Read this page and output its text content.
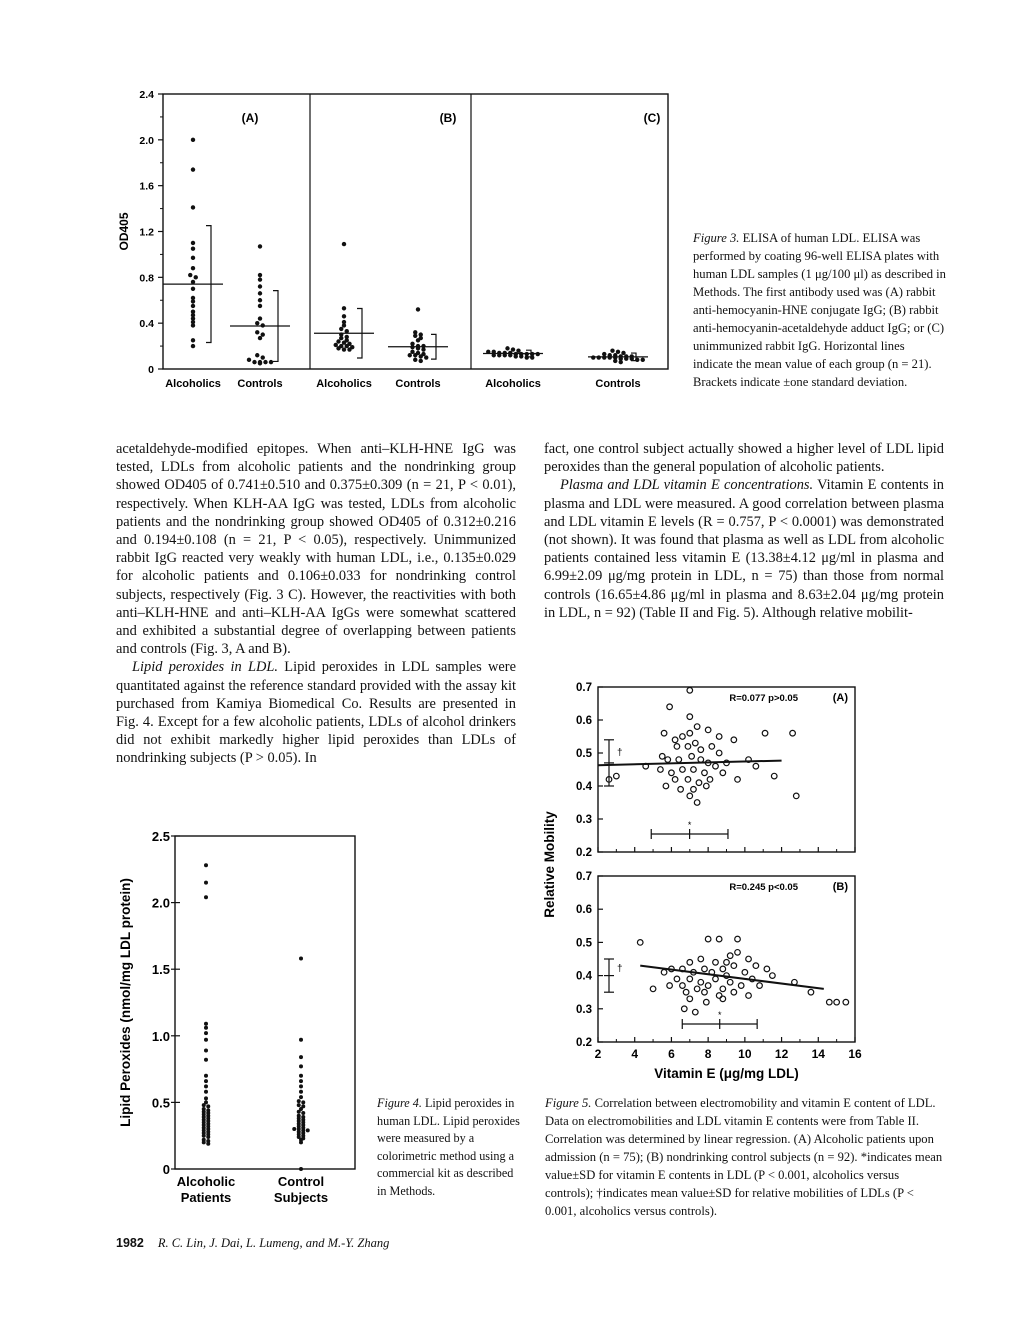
0
0.4
0.8
1.2
1.6
2.0
2.4
OD405
(A)
Alcoholics Controls
(B)
Alcoholics Controls
(C)
Alcoholics	Controls
Figure 3. ELISA of human LDL. ELISA was performed by coating 96-well ELISA plates with human LDL samples (1 μg/100 μl) as described in Methods. The first antibody used was (A) rabbit anti-hemocyanin-HNE conjugate IgG; (B) rabbit anti-hemocyanin-acetaldehyde adduct IgG; or (C) unimmunized rabbit IgG. Horizontal lines indicate the mean value of each group (n = 21). Brackets indicate ±one standard deviation.

acetaldehyde-modified epitopes. When anti–KLH-HNE IgG was tested, LDLs from alcoholic patients and the nondrinking group showed OD405 of 0.741±0.510 and 0.375±0.309 (n = 21, P < 0.01), respectively. When KLH-AA IgG was tested, LDLs from alcoholic patients and the nondrinking group showed OD405 of 0.312±0.216 and 0.194±0.108 (n = 21, P < 0.05), respectively. Unimmunized rabbit IgG reacted very weakly with human LDL, i.e., 0.135±0.029 for alcoholic patients and 0.106±0.033 for nondrinking control subjects, respectively (Fig. 3 C). However, the reactivities with both anti–KLH-HNE and anti–KLH-AA IgGs were somewhat scattered and exhibited a substantial degree of overlapping between patients and controls (Fig. 3, A and B).

Lipid peroxides in LDL. Lipid peroxides in LDL samples were quantitated against the reference standard provided with the assay kit purchased from Kamiya Biomedical Co. Results are presented in Fig. 4. Except for a few alcoholic patients, LDLs of alcohol drinkers did not exhibit markedly higher lipid peroxides than LDLs of nondrinking subjects (P > 0.05). In

fact, one control subject actually showed a higher level of LDL lipid peroxides than the general population of alcoholic patients.

Plasma and LDL vitamin E concentrations. Vitamin E contents in plasma and LDL were measured. A good correlation between plasma and LDL vitamin E levels (R = 0.757, P < 0.0001) was demonstrated (not shown). It was found that plasma as well as LDL from alcoholic patients contained less vitamin E (13.38±4.12 μg/ml in plasma and 6.99±2.09 μg/mg protein in LDL, n = 75) than those from normal controls (16.65±4.86 μg/ml in plasma and 8.63±2.04 μg/mg protein in LDL, n = 92) (Table II and Fig. 5). Although relative mobilit-

0
0.5
1.0
1.5
2.0
2.5
Lipid Peroxides (nmol/mg LDL protein)
Alcoholic
Patients
Control
Subjects
Figure 4. Lipid peroxides in human LDL. Lipid peroxides were measured by a colorimetric method using a commercial kit as described in Methods.
0.2
0.3
0.4
0.5
0.6
0.7
R=0.077 p>0.05	(A)
*
†
0.2
0.3
0.4
0.5
0.6
0.7
R=0.245 p<0.05	(B)
*
†
2	4	6	8 10 12 14 16
Vitamin E (μg/mg LDL)
Relative Mobility
Figure 5. Correlation between electromobility and vitamin E content of LDL. Data on electromobilities and LDL vitamin E contents were from Table II. Correlation was determined by linear regression. (A) Alcoholic patients upon admission (n = 75); (B) nondrinking control subjects (n = 92). *indicates mean value±SD for vitamin E contents in LDL (P < 0.001, alcoholics versus controls); †indicates mean value±SD for relative mobilities of LDLs (P < 0.001, alcoholics versus controls).
1982 R. C. Lin, J. Dai, L. Lumeng, and M.-Y. Zhang
